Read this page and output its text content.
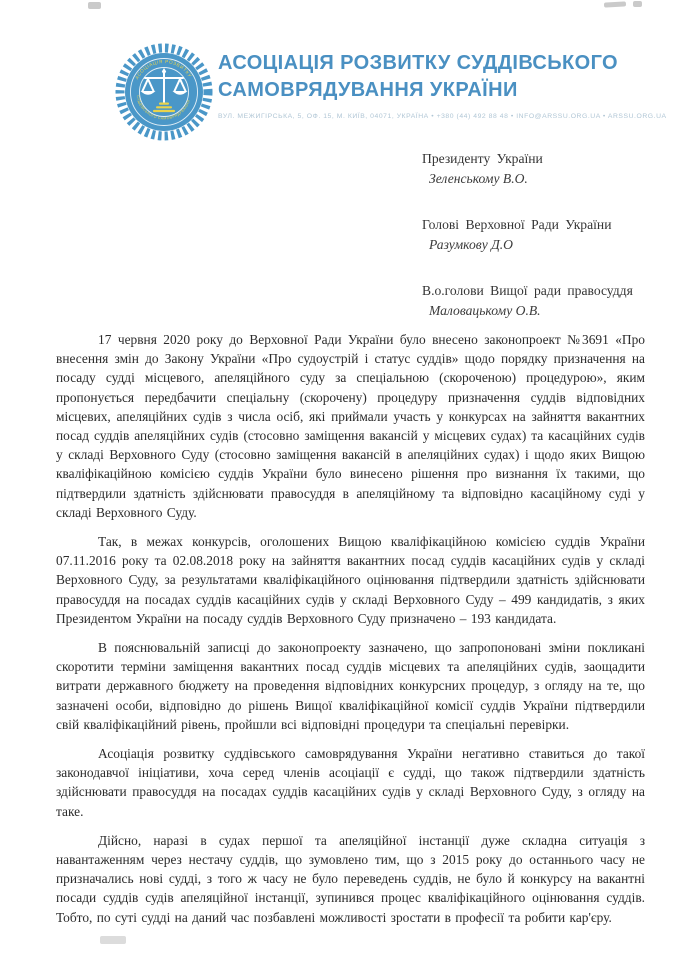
АСОЦІАЦІЯ РОЗВИТКУ
СУДДІВСЬКОГО САМОВРЯДУВАННЯ
АСОЦІАЦІЯ РОЗВИТКУ СУДДІВСЬКОГО
САМОВРЯДУВАННЯ УКРАЇНИ
ВУЛ. МЕЖИГІРСЬКА, 5, ОФ. 15, М. КИЇВ, 04071, УКРАЇНА • +380 (44) 492 88 48 • INFO@ARSSU.ORG.UA • ARSSU.ORG.UA
Президенту України
Зеленському В.О.
Голові Верховної Ради України
Разумкову Д.О
В.о.голови Вищої ради правосуддя
Маловацькому О.В.

17 червня 2020 року до Верховної Ради України було внесено законопроект №3691 «Про внесення змін до Закону України «Про судоустрій і статус суддів» щодо порядку призначення на посаду судді місцевого, апеляційного суду за спеціальною (скороченою) процедурою», яким пропонується передбачити спеціальну (скорочену) процедуру призначення суддів відповідних місцевих, апеляційних судів з числа осіб, які приймали участь у конкурсах на зайняття вакантних посад суддів апеляційних судів (стосовно заміщення вакансій у місцевих судах) та касаційних судів у складі Верховного Суду (стосовно заміщення вакансій в апеляційних судах) і щодо яких Вищою кваліфікаційною комісією суддів України було винесено рішення про визнання їх такими, що підтвердили здатність здійснювати правосуддя в апеляційному та відповідно касаційному суді у складі Верховного Суду.

Так, в межах конкурсів, оголошених Вищою кваліфікаційною комісією суддів України 07.11.2016 року та 02.08.2018 року на зайняття вакантних посад суддів касаційних судів у складі Верховного Суду, за результатами кваліфікаційного оцінювання підтвердили здатність здійснювати правосуддя на посадах суддів касаційних судів у складі Верховного Суду – 499 кандидатів, з яких Президентом України на посаду суддів Верховного Суду призначено – 193 кандидата.

В пояснювальній записці до законопроекту зазначено, що запропоновані зміни покликані скоротити терміни заміщення вакантних посад суддів місцевих та апеляційних судів, заощадити витрати державного бюджету на проведення відповідних конкурсних процедур, з огляду на те, що зазначені особи, відповідно до рішень Вищої кваліфікаційної комісії суддів України підтвердили свій кваліфікаційний рівень, пройшли всі відповідні процедури та спеціальні перевірки.

Асоціація розвитку суддівського самоврядування України негативно ставиться до такої законодавчої ініціативи, хоча серед членів асоціації є судді, що також підтвердили здатність здійснювати правосуддя на посадах суддів касаційних судів у складі Верховного Суду, з огляду на таке.

Дійсно, наразі в судах першої та апеляційної інстанції дуже складна ситуація з навантаженням через нестачу суддів, що зумовлено тим, що з 2015 року до останнього часу не призначались нові судді, з того ж часу не було переведень суддів, не було й конкурсу на вакантні посади суддів судів апеляційної інстанції, зупинився процес кваліфікаційного оцінювання суддів. Тобто, по суті судді на даний час позбавлені можливості зростати в професії та робити кар'єру.
